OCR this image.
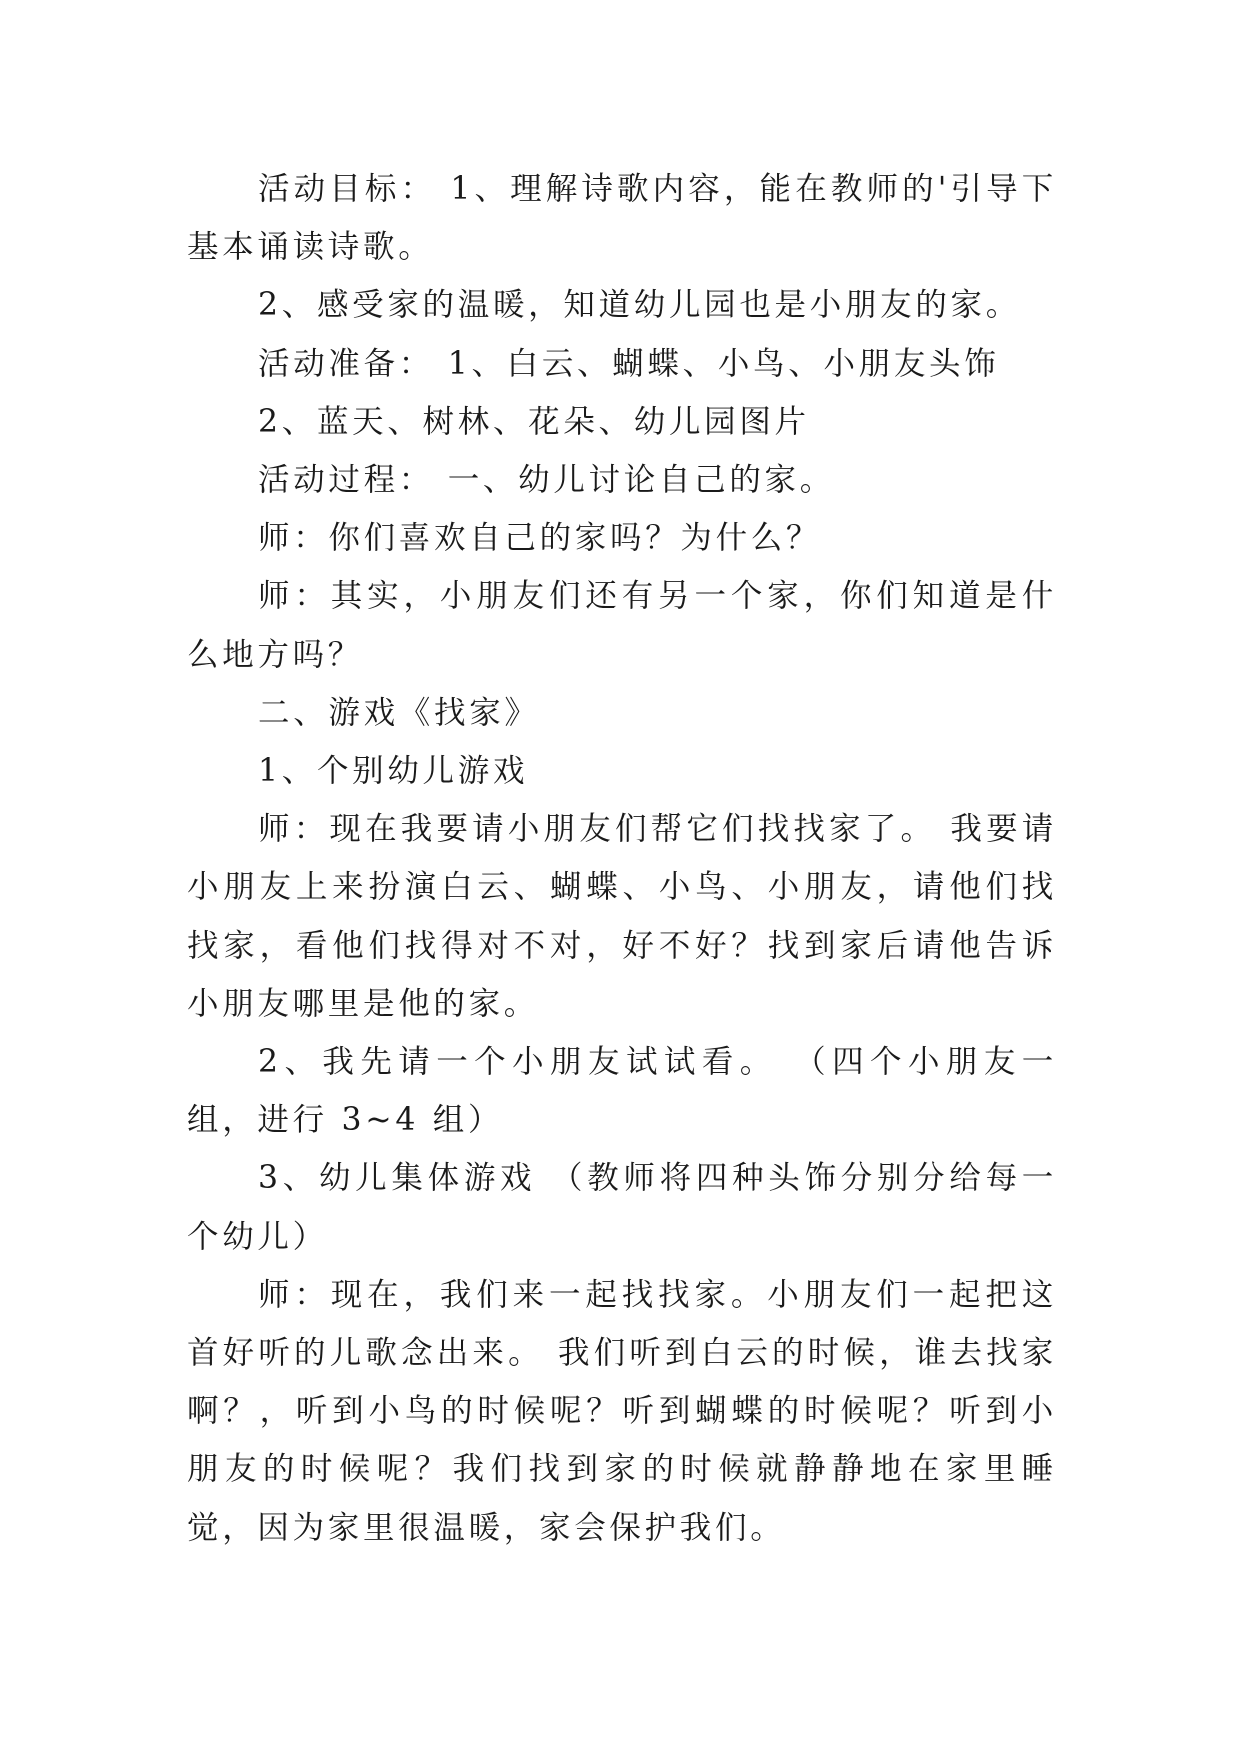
活动目标： 1、理解诗歌内容，能在教师的'引导下基本诵读诗歌。

2、感受家的温暖，知道幼儿园也是小朋友的家。

活动准备： 1、白云、蝴蝶、小鸟、小朋友头饰

2、蓝天、树林、花朵、幼儿园图片

活动过程： 一、幼儿讨论自己的家。

师：你们喜欢自己的家吗？为什么？

师：其实，小朋友们还有另一个家，你们知道是什么地方吗？

二、游戏《找家》

1、个别幼儿游戏

师：现在我要请小朋友们帮它们找找家了。 我要请小朋友上来扮演白云、蝴蝶、小鸟、小朋友，请他们找找家，看他们找得对不对，好不好？找到家后请他告诉小朋友哪里是他的家。

2、我先请一个小朋友试试看。 （四个小朋友一组，进行 3~4 组）

3、幼儿集体游戏 （教师将四种头饰分别分给每一个幼儿）

师：现在，我们来一起找找家。小朋友们一起把这首好听的儿歌念出来。 我们听到白云的时候，谁去找家啊？，听到小鸟的时候呢？听到蝴蝶的时候呢？听到小朋友的时候呢？我们找到家的时候就静静地在家里睡觉，因为家里很温暖，家会保护我们。
